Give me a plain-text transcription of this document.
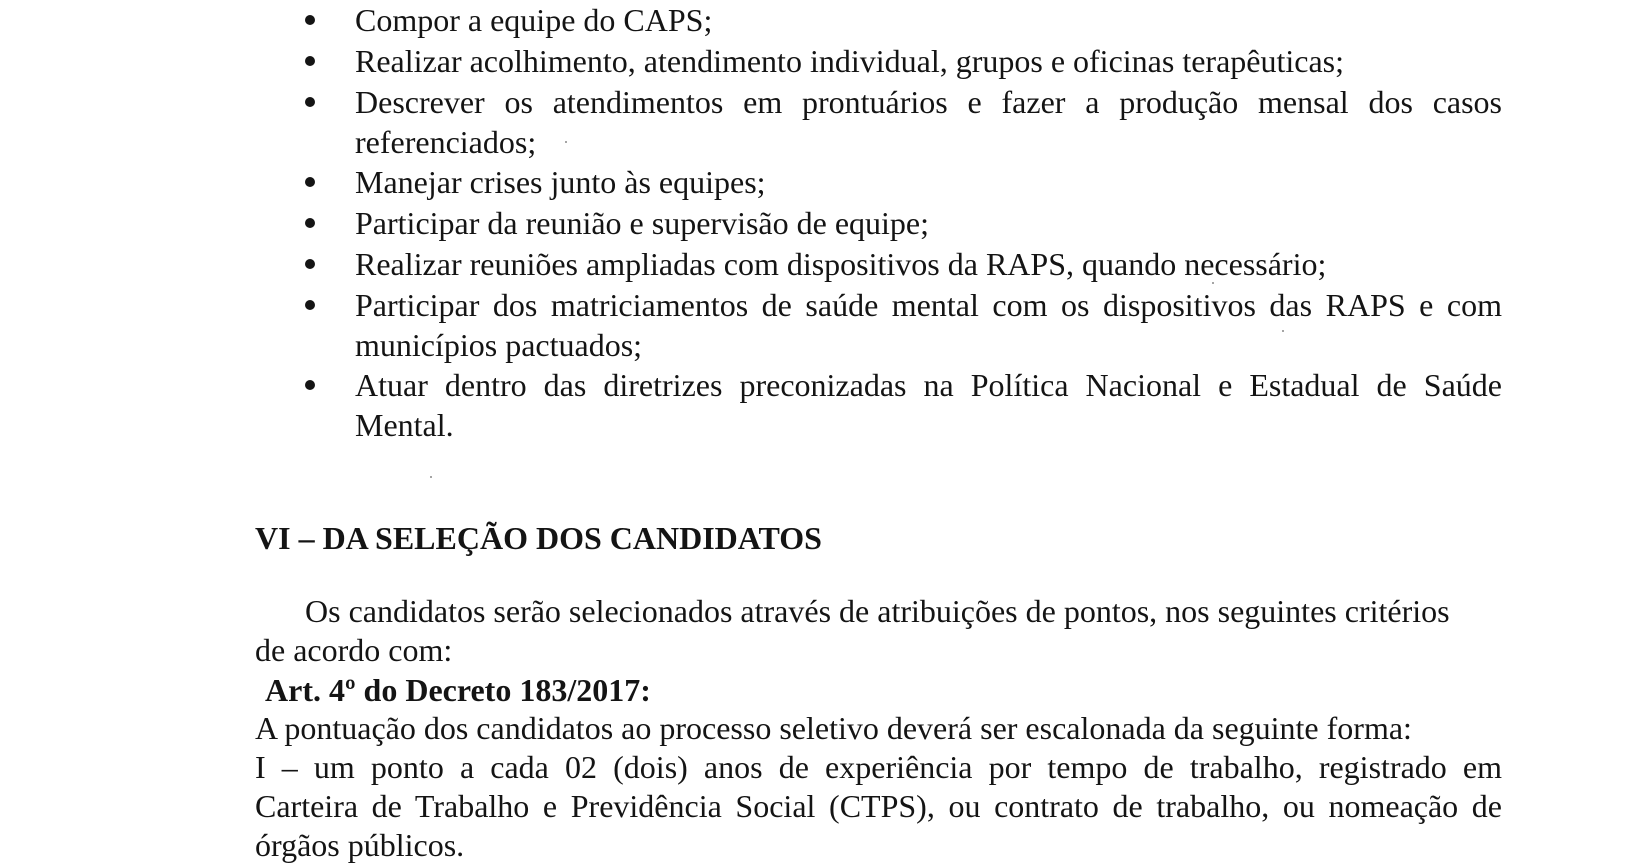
Compor a equipe do CAPS;
Realizar acolhimento, atendimento individual, grupos e oficinas terapêuticas;
Descrever os atendimentos em prontuários e fazer a produção mensal dos casos
referenciados;
Manejar crises junto às equipes;
Participar da reunião e supervisão de equipe;
Realizar reuniões ampliadas com dispositivos da RAPS, quando necessário;
Participar dos matriciamentos de saúde mental com os dispositivos das RAPS e com
municípios pactuados;
Atuar dentro das diretrizes preconizadas na Política Nacional e Estadual de Saúde
Mental.
VI – DA SELEÇÃO DOS CANDIDATOS
Os candidatos serão selecionados através de atribuições de pontos, nos seguintes critérios
de acordo com:
Art. 4º do Decreto 183/2017:
A pontuação dos candidatos ao processo seletivo deverá ser escalonada da seguinte forma:
I – um ponto a cada 02 (dois) anos de experiência por tempo de trabalho, registrado em
Carteira de Trabalho e Previdência Social (CTPS), ou contrato de trabalho, ou nomeação de
órgãos públicos.
